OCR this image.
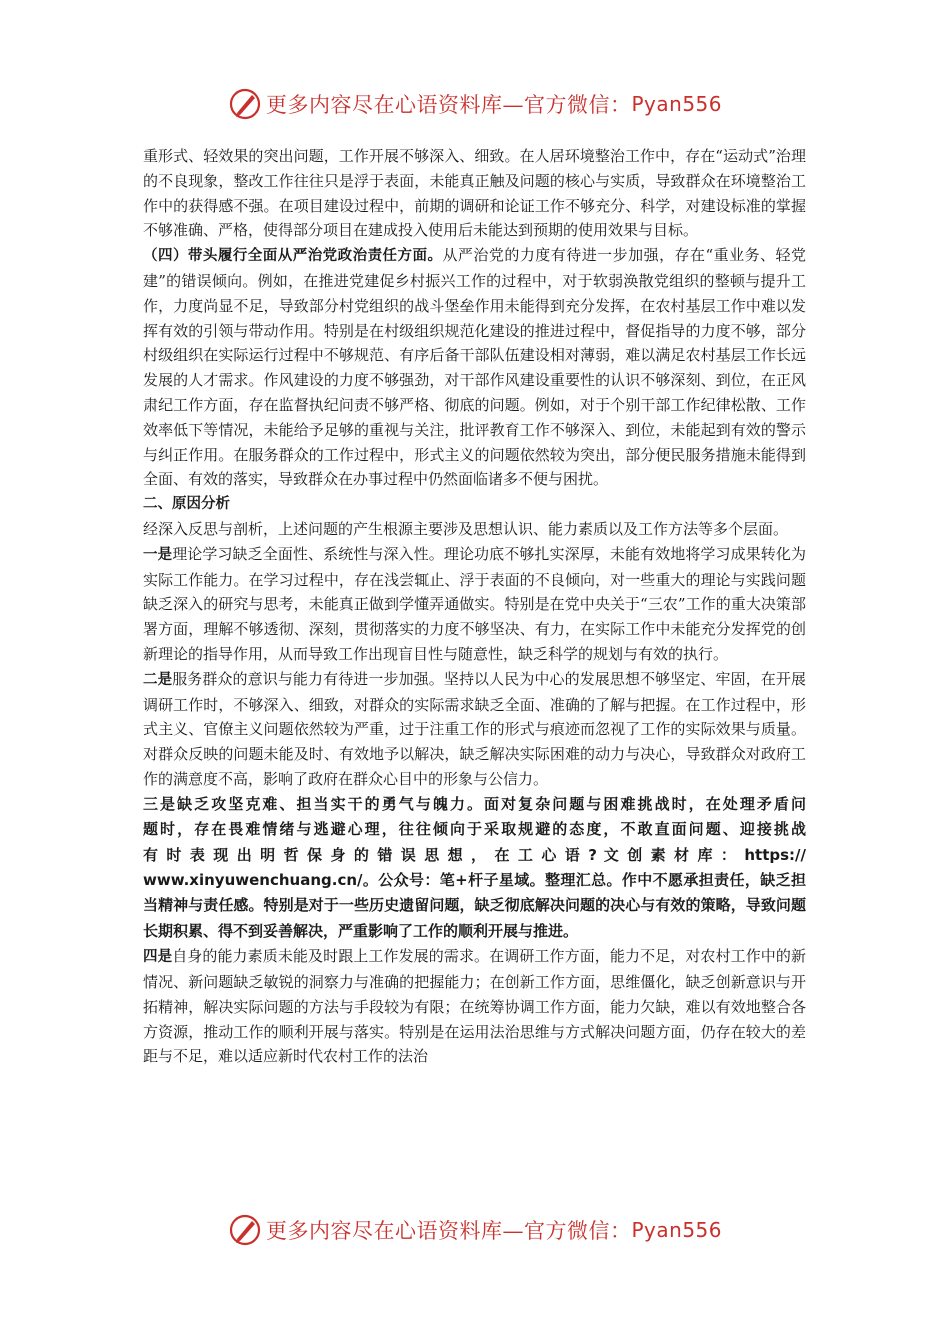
更多内容尽在心语资料库—官方微信： Pyan556

重形式、轻效果的突出问题，工作开展不够深入、细致。在人居环境整治工作中，存在“运动式”治理的不良现象，整改工作往往只是浮于表面，未能真正触及问题的核心与实质，导致群众在环境整治工作中的获得感不强。在项目建设过程中，前期的调研和论证工作不够充分、科学，对建设标准的掌握不够准确、严格，使得部分项目在建成投入使用后未能达到预期的使用效果与目标。

（四）带头履行全面从严治党政治责任方面。从严治党的力度有待进一步加强，存在“重业务、轻党建”的错误倾向。例如，在推进党建促乡村振兴工作的过程中，对于软弱涣散党组织的整顿与提升工作，力度尚显不足，导致部分村党组织的战斗堡垒作用未能得到充分发挥，在农村基层工作中难以发挥有效的引领与带动作用。特别是在村级组织规范化建设的推进过程中，督促指导的力度不够，部分村级组织在实际运行过程中不够规范、有序后备干部队伍建设相对薄弱，难以满足农村基层工作长远发展的人才需求。作风建设的力度不够强劲，对干部作风建设重要性的认识不够深刻、到位，在正风肃纪工作方面，存在监督执纪问责不够严格、彻底的问题。例如，对于个别干部工作纪律松散、工作效率低下等情况，未能给予足够的重视与关注，批评教育工作不够深入、到位，未能起到有效的警示与纠正作用。在服务群众的工作过程中，形式主义的问题依然较为突出，部分便民服务措施未能得到全面、有效的落实，导致群众在办事过程中仍然面临诸多不便与困扰。

二、原因分析

经深入反思与剖析，上述问题的产生根源主要涉及思想认识、能力素质以及工作方法等多个层面。

一是理论学习缺乏全面性、系统性与深入性。理论功底不够扎实深厚，未能有效地将学习成果转化为实际工作能力。在学习过程中，存在浅尝辄止、浮于表面的不良倾向，对一些重大的理论与实践问题缺乏深入的研究与思考，未能真正做到学懂弄通做实。特别是在党中央关于“三农”工作的重大决策部署方面，理解不够透彻、深刻，贯彻落实的力度不够坚决、有力，在实际工作中未能充分发挥党的创新理论的指导作用，从而导致工作出现盲目性与随意性，缺乏科学的规划与有效的执行。

二是服务群众的意识与能力有待进一步加强。坚持以人民为中心的发展思想不够坚定、牢固，在开展调研工作时，不够深入、细致，对群众的实际需求缺乏全面、准确的了解与把握。在工作过程中，形式主义、官僚主义问题依然较为严重，过于注重工作的形式与痕迹而忽视了工作的实际效果与质量。对群众反映的问题未能及时、有效地予以解决，缺乏解决实际困难的动力与决心，导致群众对政府工作的满意度不高，影响了政府在群众心目中的形象与公信力。

三是缺乏攻坚克难、担当实干的勇气与魄力。面对复杂问题与困难挑战时，在处理矛盾问

题时，存在畏难情绪与逃避心理，往往倾向于采取规避的态度，不敢直面问题、迎接挑战

有 时 表 现 出 明 哲 保 身 的 错 误 思 想 ， 在 工 心 语 ? 文 创 素 材 库 ： https://

www.xinyuwenchuang.cn/。公众号：笔+杆子星域。整理汇总。作中不愿承担责任，缺乏担当精神与责任感。特别是对于一些历史遗留问题，缺乏彻底解决问题的决心与有效的策略，导致问题长期积累、得不到妥善解决，严重影响了工作的顺利开展与推进。

四是自身的能力素质未能及时跟上工作发展的需求。在调研工作方面，能力不足，对农村工作中的新情况、新问题缺乏敏锐的洞察力与准确的把握能力；在创新工作方面，思维僵化，缺乏创新意识与开拓精神，解决实际问题的方法与手段较为有限；在统筹协调工作方面，能力欠缺，难以有效地整合各方资源，推动工作的顺利开展与落实。特别是在运用法治思维与方式解决问题方面，仍存在较大的差距与不足，难以适应新时代农村工作的法治

更多内容尽在心语资料库—官方微信： Pyan556
